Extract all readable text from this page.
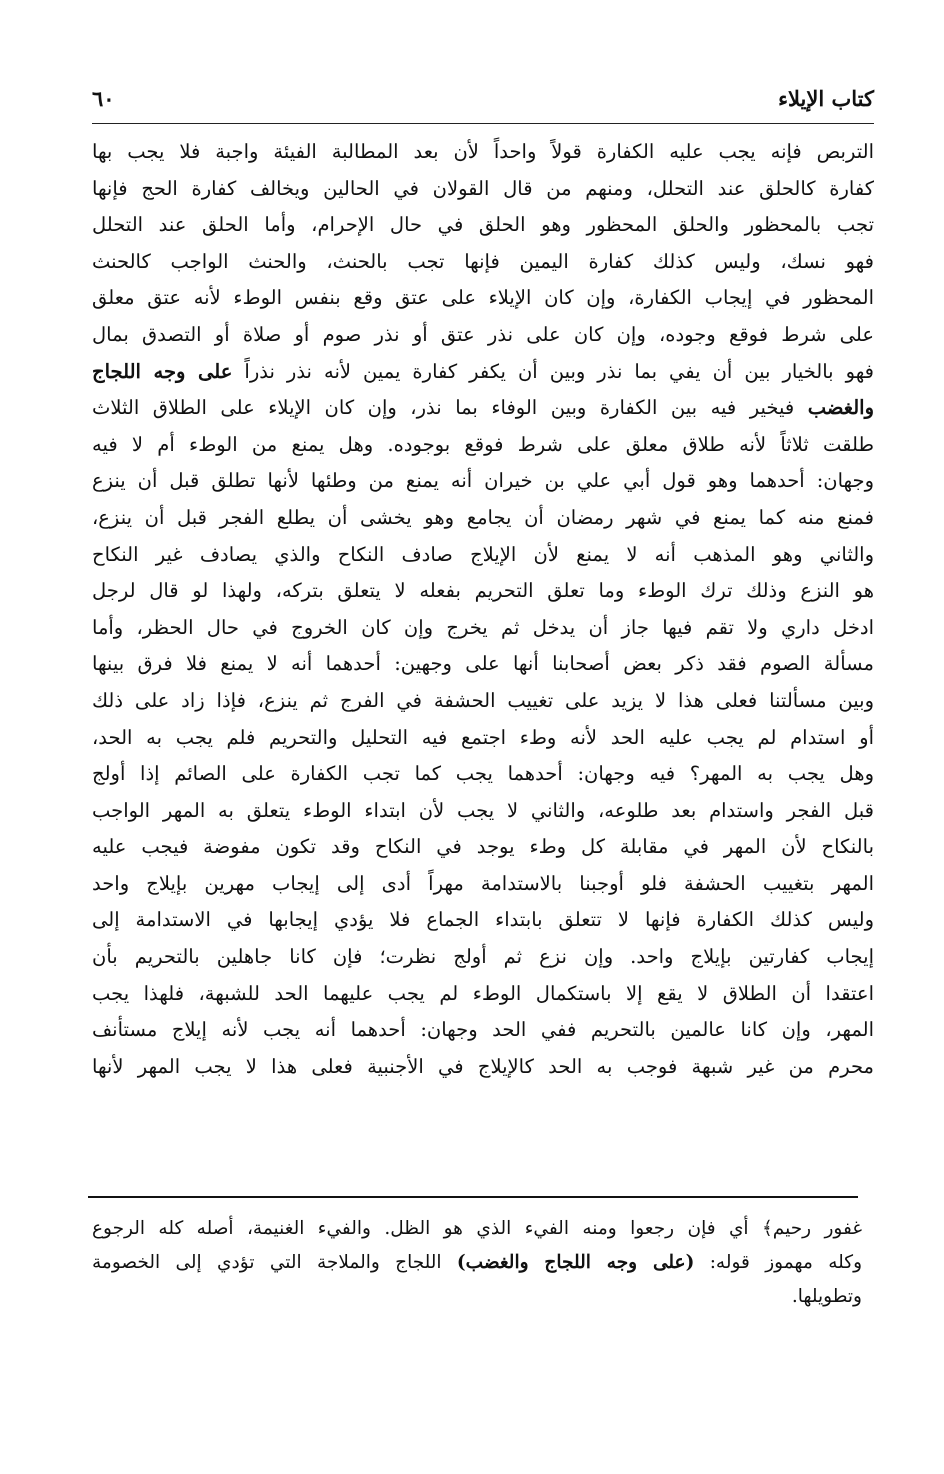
٦٠	كتاب الإيلاء
التربص فإنه يجب عليه الكفارة قولاً واحداً لأن بعد المطالبة الفيئة واجبة فلا يجب بها
كفارة كالحلق عند التحلل، ومنهم من قال القولان في الحالين ويخالف كفارة الحج فإنها
تجب بالمحظور والحلق المحظور وهو الحلق في حال الإحرام، وأما الحلق عند التحلل
فهو نسك، وليس كذلك كفارة اليمين فإنها تجب بالحنث، والحنث الواجب كالحنث
المحظور في إيجاب الكفارة، وإن كان الإيلاء على عتق وقع بنفس الوطء لأنه عتق معلق
على شرط فوقع وجوده، وإن كان على نذر عتق أو نذر صوم أو صلاة أو التصدق بمال
فهو بالخيار بين أن يفي بما نذر وبين أن يكفر كفارة يمين لأنه نذر نذراً على وجه اللجاج
والغضب فيخير فيه بين الكفارة وبين الوفاء بما نذر، وإن كان الإيلاء على الطلاق الثلاث
طلقت ثلاثاً لأنه طلاق معلق على شرط فوقع بوجوده. وهل يمنع من الوطء أم لا فيه
وجهان: أحدهما وهو قول أبي علي بن خيران أنه يمنع من وطئها لأنها تطلق قبل أن ينزع
فمنع منه كما يمنع في شهر رمضان أن يجامع وهو يخشى أن يطلع الفجر قبل أن ينزع،
والثاني وهو المذهب أنه لا يمنع لأن الإيلاج صادف النكاح والذي يصادف غير النكاح
هو النزع وذلك ترك الوطء وما تعلق التحريم بفعله لا يتعلق بتركه، ولهذا لو قال لرجل
ادخل داري ولا تقم فيها جاز أن يدخل ثم يخرج وإن كان الخروج في حال الحظر، وأما
مسألة الصوم فقد ذكر بعض أصحابنا أنها على وجهين: أحدهما أنه لا يمنع فلا فرق بينها
وبين مسألتنا فعلى هذا لا يزيد على تغييب الحشفة في الفرج ثم ينزع، فإذا زاد على ذلك
أو استدام لم يجب عليه الحد لأنه وطء اجتمع فيه التحليل والتحريم فلم يجب به الحد،
وهل يجب به المهر؟ فيه وجهان: أحدهما يجب كما تجب الكفارة على الصائم إذا أولج
قبل الفجر واستدام بعد طلوعه، والثاني لا يجب لأن ابتداء الوطء يتعلق به المهر الواجب
بالنكاح لأن المهر في مقابلة كل وطء يوجد في النكاح وقد تكون مفوضة فيجب عليه
المهر بتغييب الحشفة فلو أوجبنا بالاستدامة مهراً أدى إلى إيجاب مهرين بإيلاج واحد
وليس كذلك الكفارة فإنها لا تتعلق بابتداء الجماع فلا يؤدي إيجابها في الاستدامة إلى
إيجاب كفارتين بإيلاج واحد. وإن نزع ثم أولج نظرت؛ فإن كانا جاهلين بالتحريم بأن
اعتقدا أن الطلاق لا يقع إلا باستكمال الوطء لم يجب عليهما الحد للشبهة، فلهذا يجب
المهر، وإن كانا عالمين بالتحريم ففي الحد وجهان: أحدهما أنه يجب لأنه إيلاج مستأنف
محرم من غير شبهة فوجب به الحد كالإيلاج في الأجنبية فعلى هذا لا يجب المهر لأنها
غفور رحيم﴾ أي فإن رجعوا ومنه الفيء الذي هو الظل. والفيء الغنيمة، أصله كله الرجوع
وكله مهموز قوله: (على وجه اللجاج والغضب) اللجاج والملاجة التي تؤدي إلى الخصومة
وتطويلها.
